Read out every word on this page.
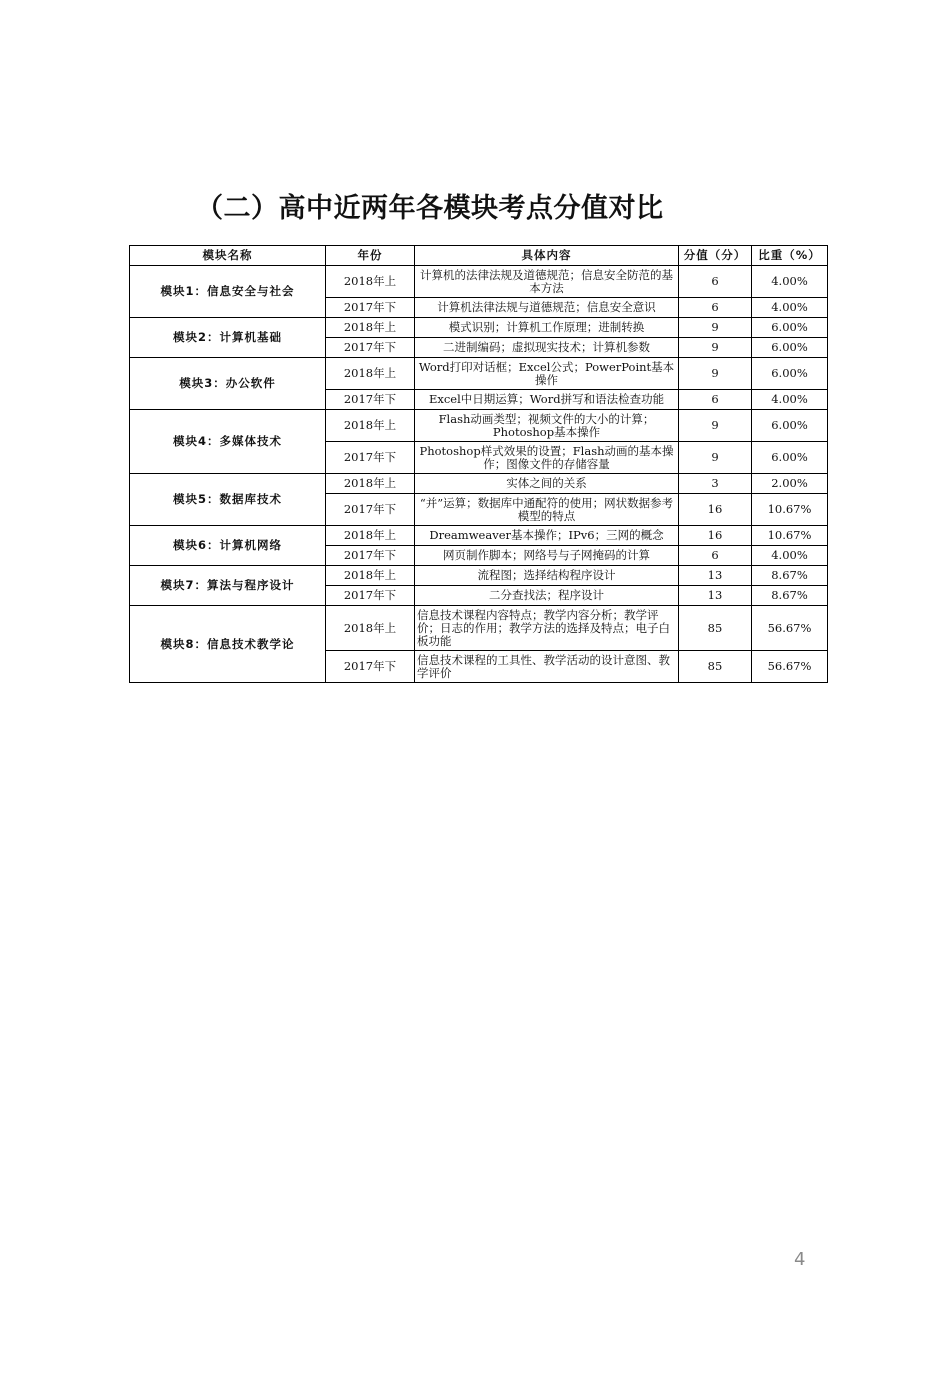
（二）高中近两年各模块考点分值对比
模块名称	年份	具体内容	分值（分）	比重（%）
模块1：信息安全与社会	2018年上	计算机的法律法规及道德规范；信息安全防范的基本方法	6	4.00%
	2017年下	计算机法律法规与道德规范；信息安全意识	6	4.00%
模块2：计算机基础	2018年上	模式识别；计算机工作原理；进制转换	9	6.00%
	2017年下	二进制编码；虚拟现实技术；计算机参数	9	6.00%
模块3：办公软件	2018年上	Word打印对话框；Excel公式；PowerPoint基本操作	9	6.00%
	2017年下	Excel中日期运算；Word拼写和语法检查功能	6	4.00%
模块4：多媒体技术	2018年上	Flash动画类型；视频文件的大小的计算；Photoshop基本操作	9	6.00%
	2017年下	Photoshop样式效果的设置；Flash动画的基本操作；图像文件的存储容量	9	6.00%
模块5：数据库技术	2018年上	实体之间的关系	3	2.00%
	2017年下	“并”运算；数据库中通配符的使用；网状数据参考模型的特点	16	10.67%
模块6：计算机网络	2018年上	Dreamweaver基本操作；IPv6；三网的概念	16	10.67%
	2017年下	网页制作脚本；网络号与子网掩码的计算	6	4.00%
模块7：算法与程序设计	2018年上	流程图；选择结构程序设计	13	8.67%
	2017年下	二分查找法；程序设计	13	8.67%
模块8：信息技术教学论	2018年上	信息技术课程内容特点；教学内容分析；教学评价；日志的作用；教学方法的选择及特点；电子白板功能	85	56.67%
	2017年下	信息技术课程的工具性、教学活动的设计意图、教学评价	85	56.67%
4
